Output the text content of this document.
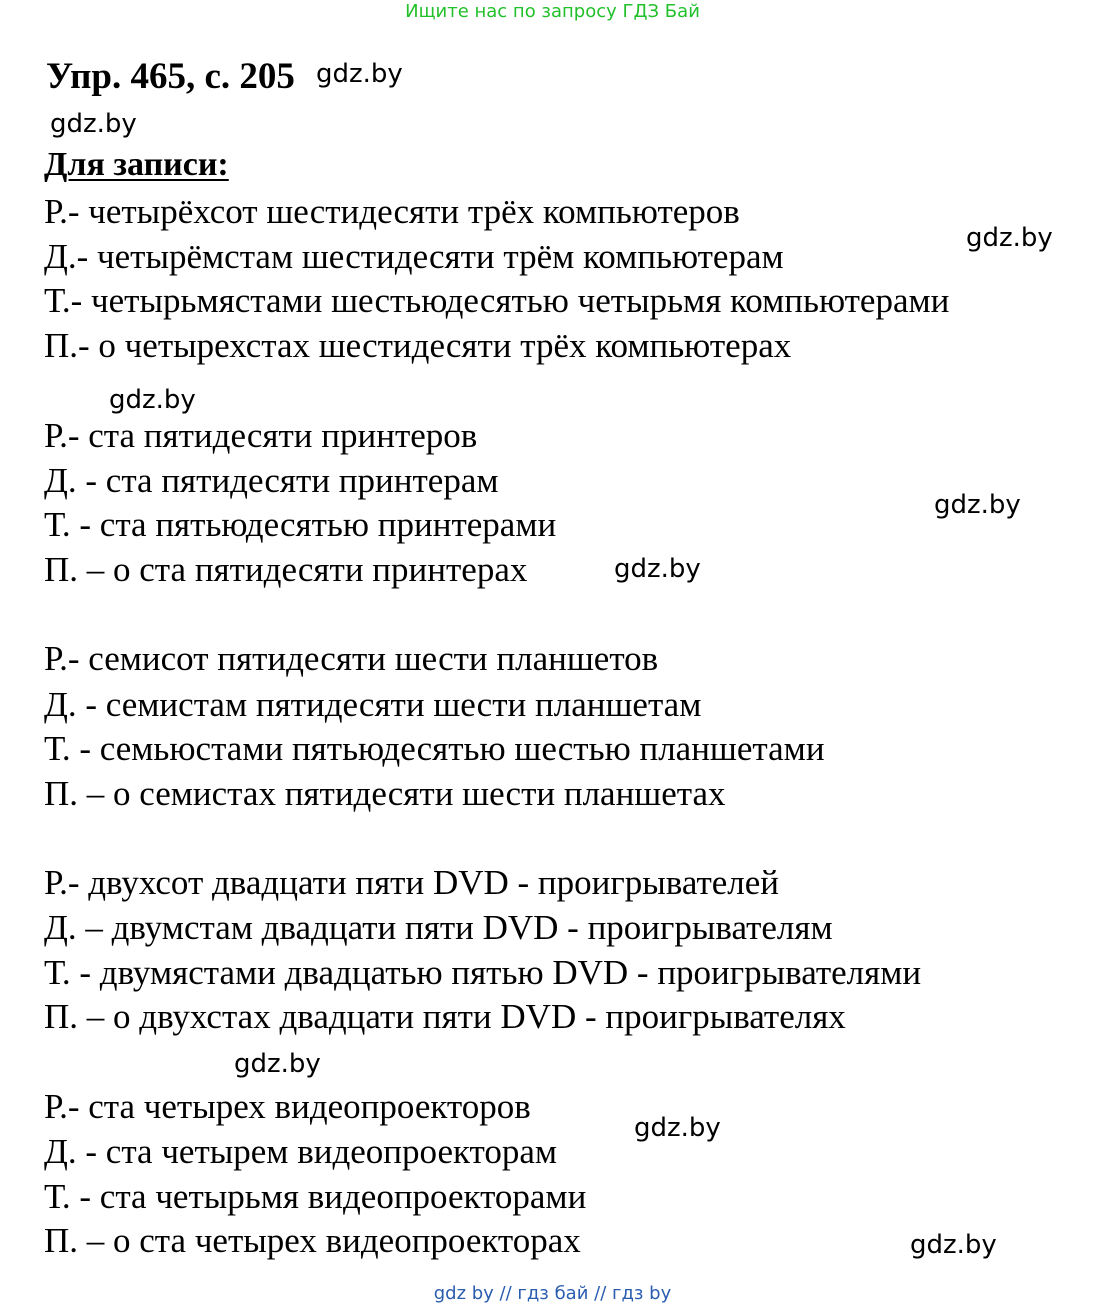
Ищите нас по запросу ГДЗ Бай
Упр. 465, с. 205 gdz.by
gdz.by
Для записи:
Р.- четырёхсот шестидесяти трёх компьютеров
Д.- четырёмстам шестидесяти трём компьютерам
Т.- четырьмястами шестьюдесятью четырьмя компьютерами
П.- о четырехстах шестидесяти трёх компьютерах
gdz.by
gdz.by
Р.- ста пятидесяти принтеров
Д. - ста пятидесяти принтерам
Т. - ста пятьюдесятью принтерами
П. – о ста пятидесяти принтерах
gdz.by
gdz.by
Р.- семисот пятидесяти шести планшетов
Д. - семистам пятидесяти шести планшетам
Т. - семьюстами пятьюдесятью шестью планшетами
П. – о семистах пятидесяти шести планшетах
Р.- двухсот двадцати пяти DVD - проигрывателей
Д. – двумстам двадцати пяти DVD - проигрывателям
Т. - двумястами двадцатью пятью DVD - проигрывателями
П. – о двухстах двадцати пяти DVD - проигрывателях
gdz.by
Р.- ста четырех видеопроекторов
Д. - ста четырем видеопроекторам
Т. - ста четырьмя видеопроекторами
П. – о ста четырех видеопроекторах
gdz.by
gdz.by
gdz by // гдз бай // гдз by
